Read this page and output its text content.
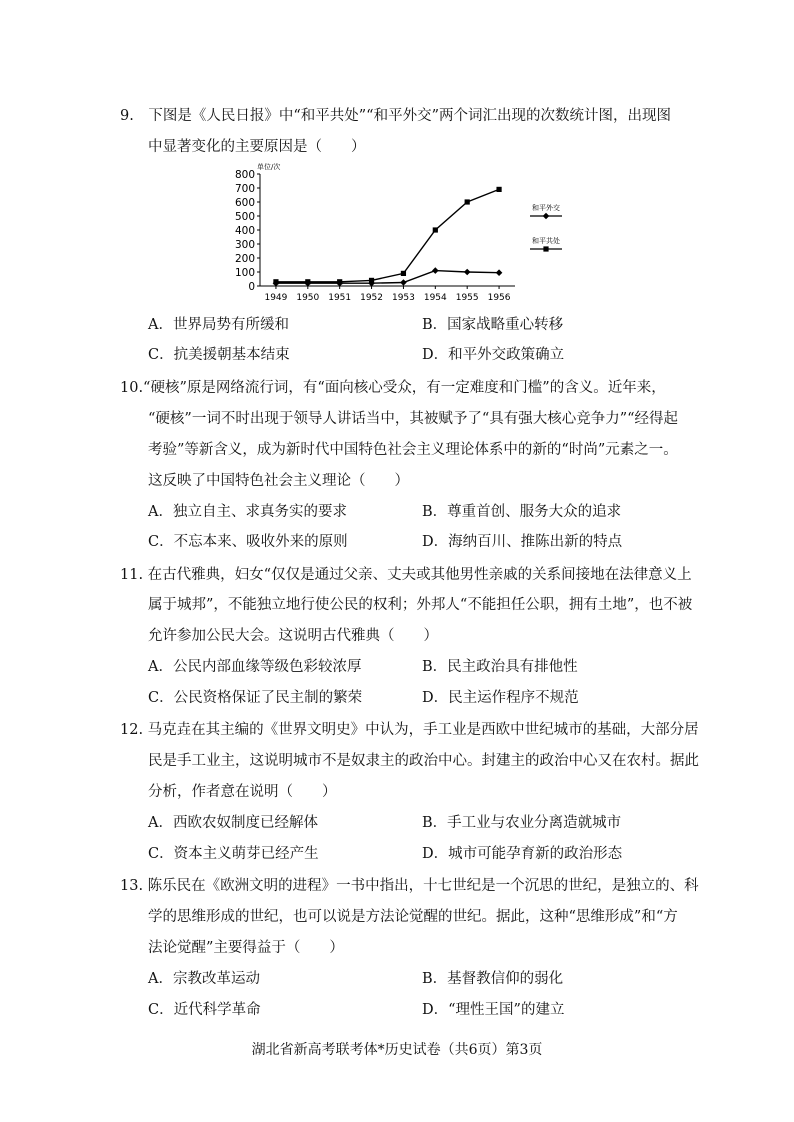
9.　下图是《人民日报》中“和平共处”“和平外交”两个词汇出现的次数统计图，出现图
中显著变化的主要原因是（　　）
单位/次
0
100
200
300
400
500
600
700
800
1949 1950 1951 1952 1953 1954 1955 1956
和平外交
和平共处
A．世界局势有所缓和	B．国家战略重心转移
C．抗美援朝基本结束	D．和平外交政策确立
10.“硬核”原是网络流行词，有“面向核心受众，有一定难度和门槛”的含义。近年来，
“硬核”一词不时出现于领导人讲话当中，其被赋予了“具有强大核心竞争力”“经得起
考验”等新含义，成为新时代中国特色社会主义理论体系中的新的“时尚”元素之一。
这反映了中国特色社会主义理论（　　）
A．独立自主、求真务实的要求	B．尊重首创、服务大众的追求
C．不忘本来、吸收外来的原则	D．海纳百川、推陈出新的特点
11. 在古代雅典，妇女“仅仅是通过父亲、丈夫或其他男性亲戚的关系间接地在法律意义上
属于城邦”，不能独立地行使公民的权利；外邦人“不能担任公职，拥有土地”，也不被
允许参加公民大会。这说明古代雅典（　　）
A．公民内部血缘等级色彩较浓厚	B．民主政治具有排他性
C．公民资格保证了民主制的繁荣	D．民主运作程序不规范
12. 马克垚在其主编的《世界文明史》中认为，手工业是西欧中世纪城市的基础，大部分居
民是手工业主，这说明城市不是奴隶主的政治中心。封建主的政治中心又在农村。据此
分析，作者意在说明（　　）
A．西欧农奴制度已经解体	B．手工业与农业分离造就城市
C．资本主义萌芽已经产生	D．城市可能孕育新的政治形态
13. 陈乐民在《欧洲文明的进程》一书中指出，十七世纪是一个沉思的世纪，是独立的、科
学的思维形成的世纪，也可以说是方法论觉醒的世纪。据此，这种“思维形成”和“方
法论觉醒”主要得益于（　　）
A．宗教改革运动	B．基督教信仰的弱化
C．近代科学革命	D．“理性王国”的建立
湖北省新高考联考体*历史试卷（共6页）第3页
